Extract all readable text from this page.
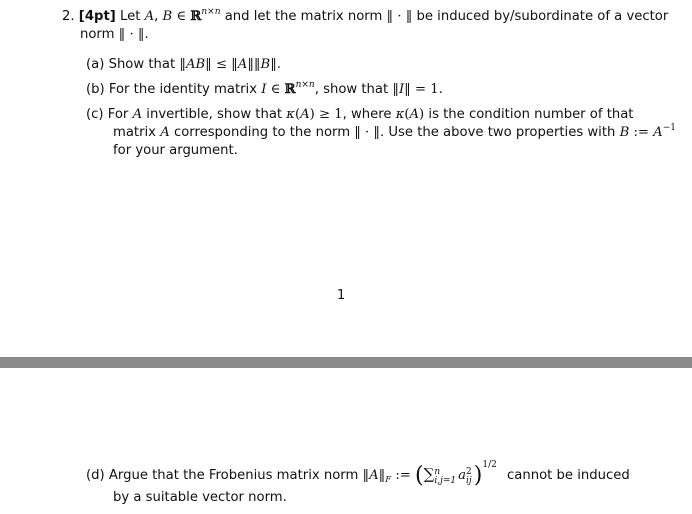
2. [4pt] Let A, B ∈ ℝ$^{n\times n}$ and let the matrix norm ‖ · ‖ be induced by/subordinate of a vector
norm ‖ · ‖.
(a) Show that ‖AB‖ ≤ ‖A‖‖B‖.
(b) For the identity matrix I ∈ ℝ$^{n\times n}$, show that ‖I‖ = 1.
(c) For A invertible, show that κ(A) ≥ 1, where κ(A) is the condition number of that
matrix A corresponding to the norm ‖ · ‖. Use the above two properties with B := $A^{-1}$
for your argument.
1
(d) Argue that the Frobenius matrix norm $‖A‖_F$ := (∑ n
i,j=1 a 2
ij )$^{1/2}$ cannot be induced
by a suitable vector norm.
